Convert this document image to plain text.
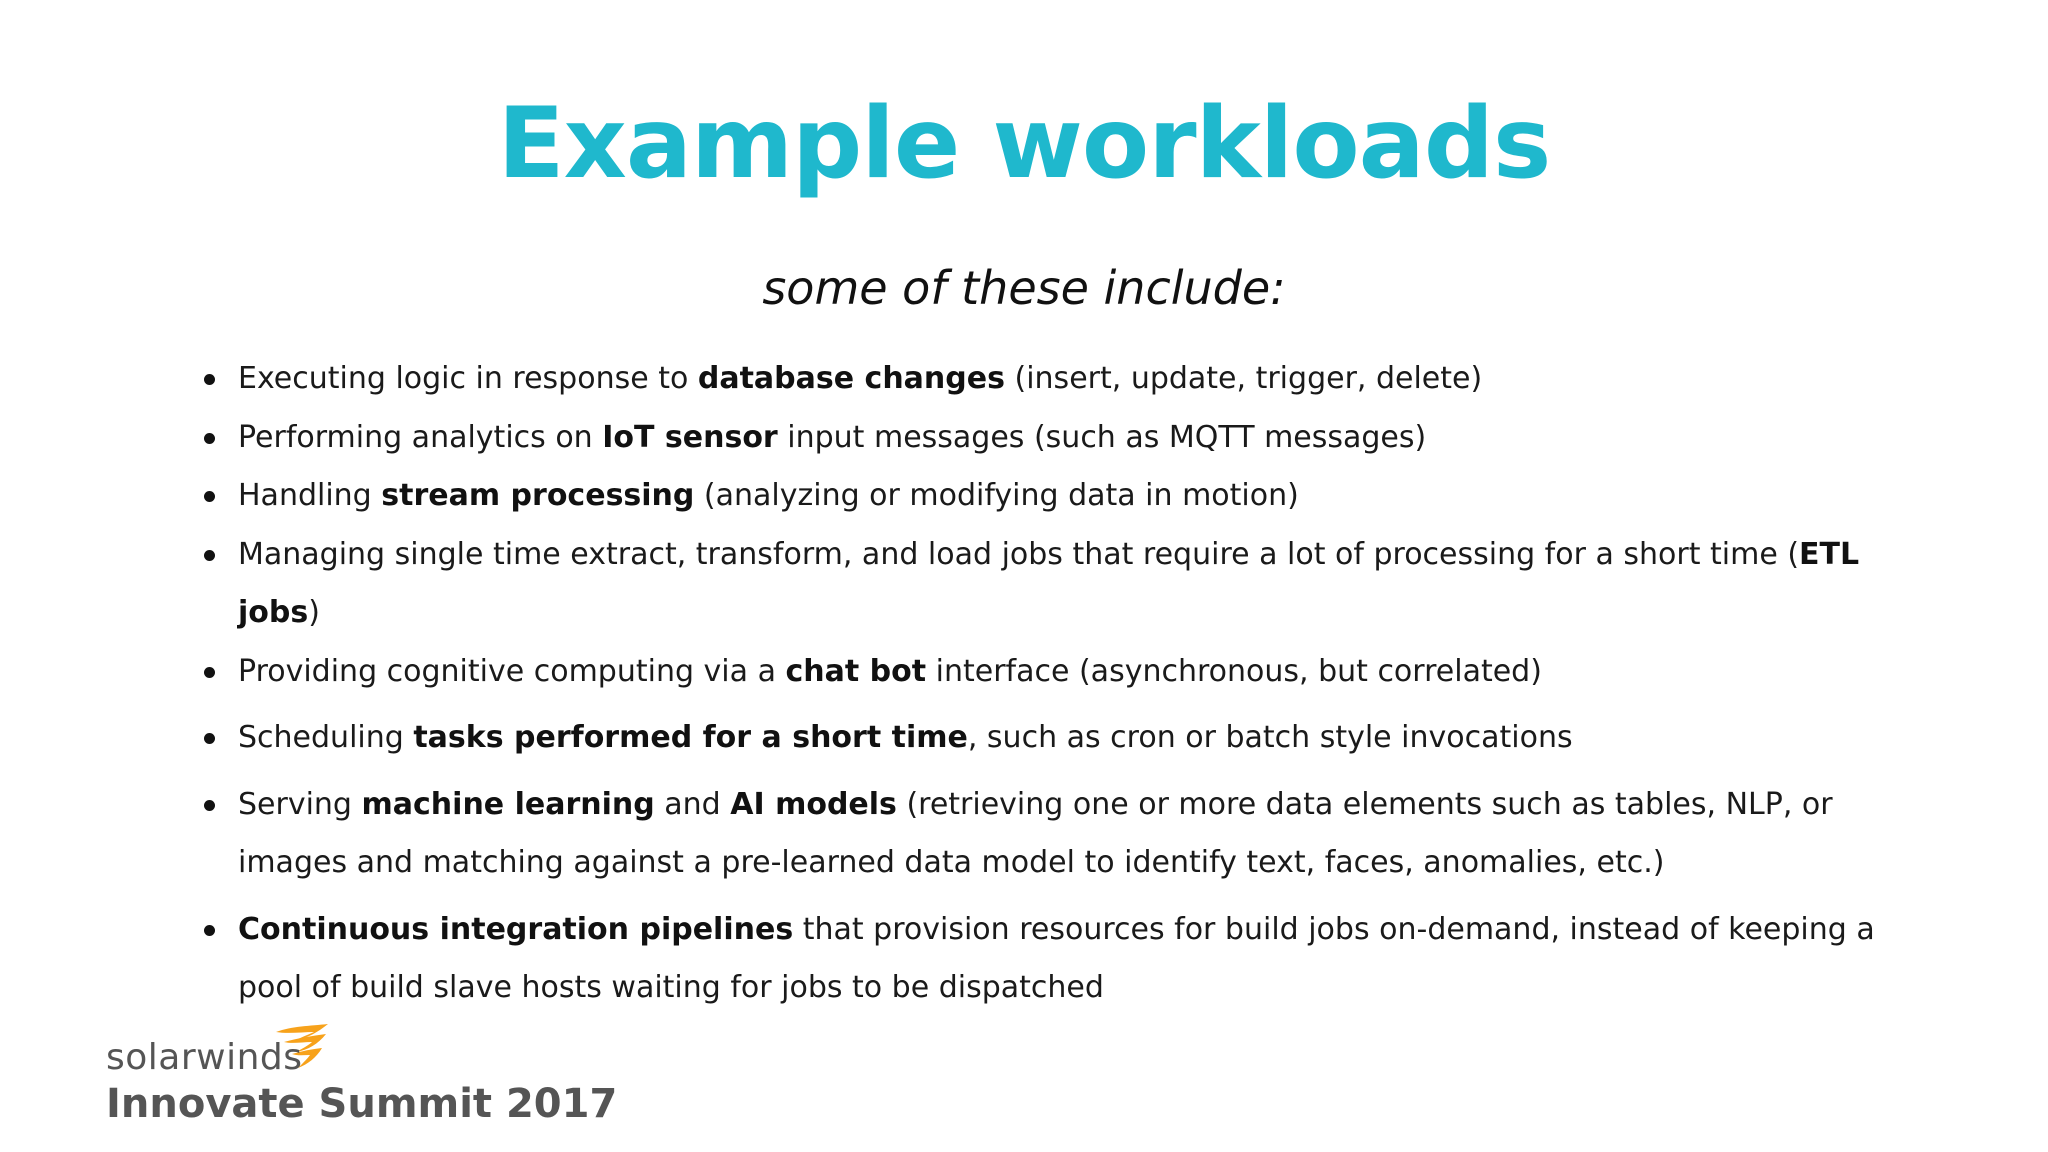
Example workloads

some of these include:

Executing logic in response to database changes (insert, update, trigger, delete)
Performing analytics on IoT sensor input messages (such as MQTT messages)
Handling stream processing (analyzing or modifying data in motion)
Managing single time extract, transform, and load jobs that require a lot of processing for a short time (ETL jobs)
Providing cognitive computing via a chat bot interface (asynchronous, but correlated)
Scheduling tasks performed for a short time, such as cron or batch style invocations
Serving machine learning and AI models (retrieving one or more data elements such as tables, NLP, or images and matching against a pre-learned data model to identify text, faces, anomalies, etc.)
Continuous integration pipelines that provision resources for build jobs on-demand, instead of keeping a pool of build slave hosts waiting for jobs to be dispatched
solarwinds
Innovate Summit 2017
